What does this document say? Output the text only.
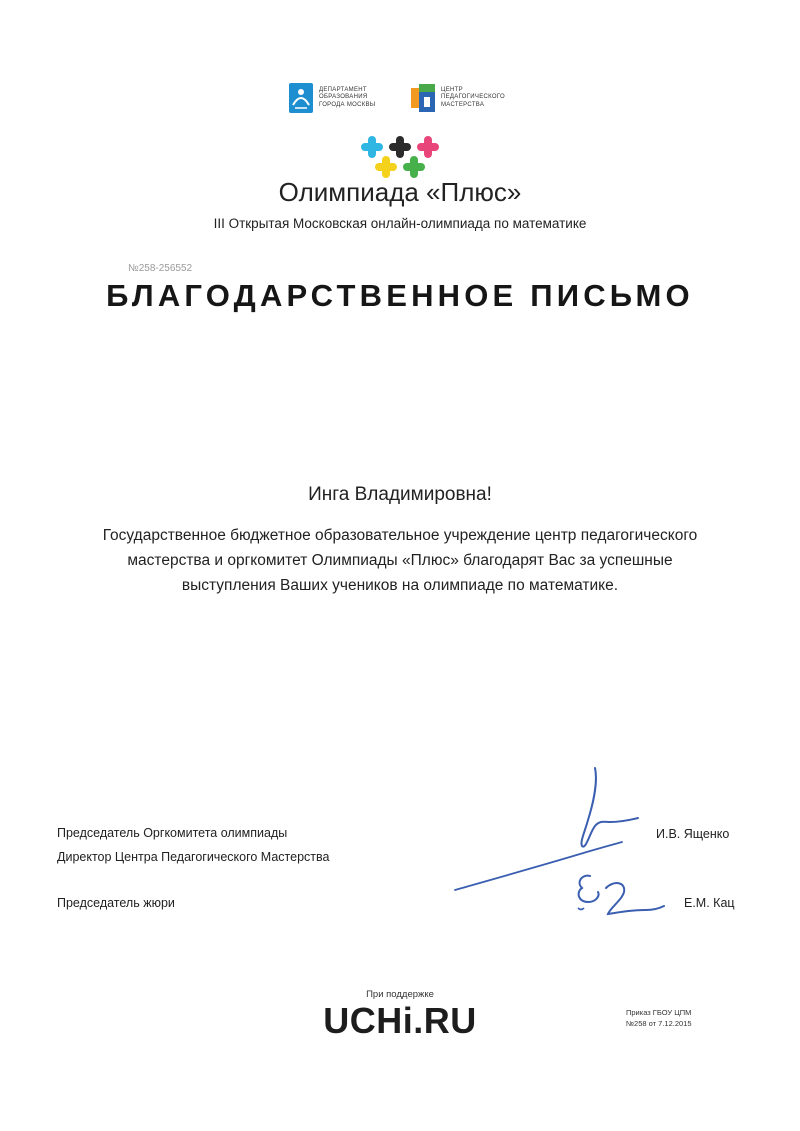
ДЕПАРТАМЕНТ
ОБРАЗОВАНИЯ
ГОРОДА МОСКВЫ
ЦЕНТР
ПЕДАГОГИЧЕСКОГО
МАСТЕРСТВА
Олимпиада «Плюс»
III Открытая Московская онлайн-олимпиада по математике
№258-256552
БЛАГОДАРСТВЕННОЕ ПИСЬМО
Инга Владимировна!
Государственное бюджетное образовательное учреждение центр педагогического
мастерства и оргкомитет Олимпиады «Плюс» благодарят Вас за успешные
выступления Ваших учеников на олимпиаде по математике.
Председатель Оргкомитета олимпиады
Директор Центра Педагогического Мастерства
И.В. Ященко
Председатель жюри	Е.М. Кац
При поддержке
UCHi.RU	Приказ ГБОУ ЦПМ
№258 от 7.12.2015
